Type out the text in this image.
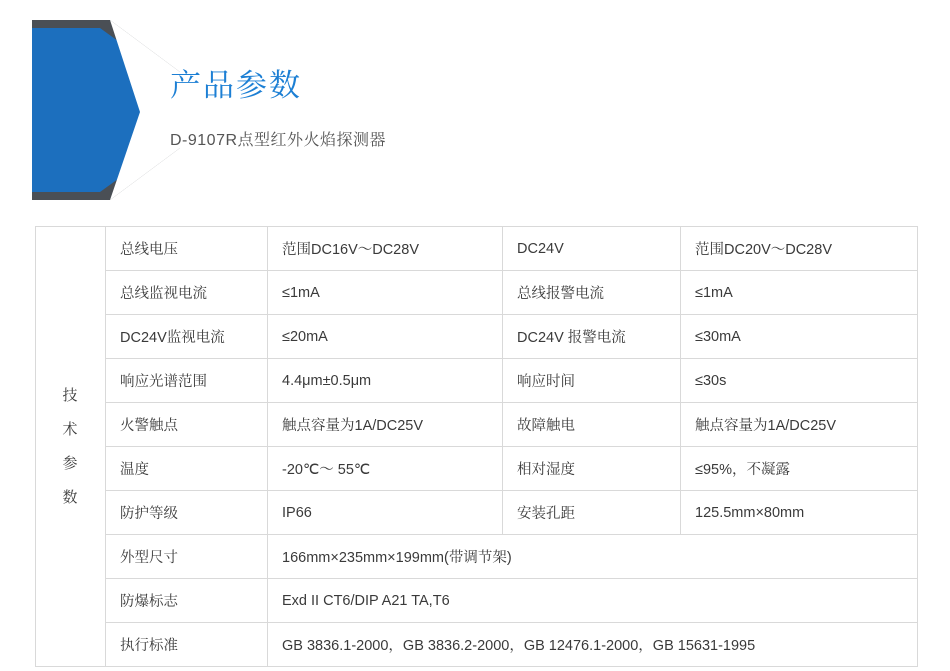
产品参数

D-9107R点型红外火焰探测器

技
术
参
数	总线电压	范围DC16V～DC28V	DC24V	范围DC20V～DC28V
	总线监视电流	≤1mA	总线报警电流	≤1mA
	DC24V监视电流	≤20mA	DC24V 报警电流	≤30mA
	响应光谱范围	4.4μm±0.5μm	响应时间	≤30s
	火警触点	触点容量为1A/DC25V	故障触电	触点容量为1A/DC25V
	温度	-20℃～ 55℃	相对湿度	≤95%，不凝露
	防护等级	IP66	安装孔距	125.5mm×80mm
	外型尺寸	166mm×235mm×199mm(带调节架)		
	防爆标志	Exd II CT6/DIP A21 TA,T6		
	执行标准	GB 3836.1-2000，GB 3836.2-2000，GB 12476.1-2000，GB 15631-1995		
